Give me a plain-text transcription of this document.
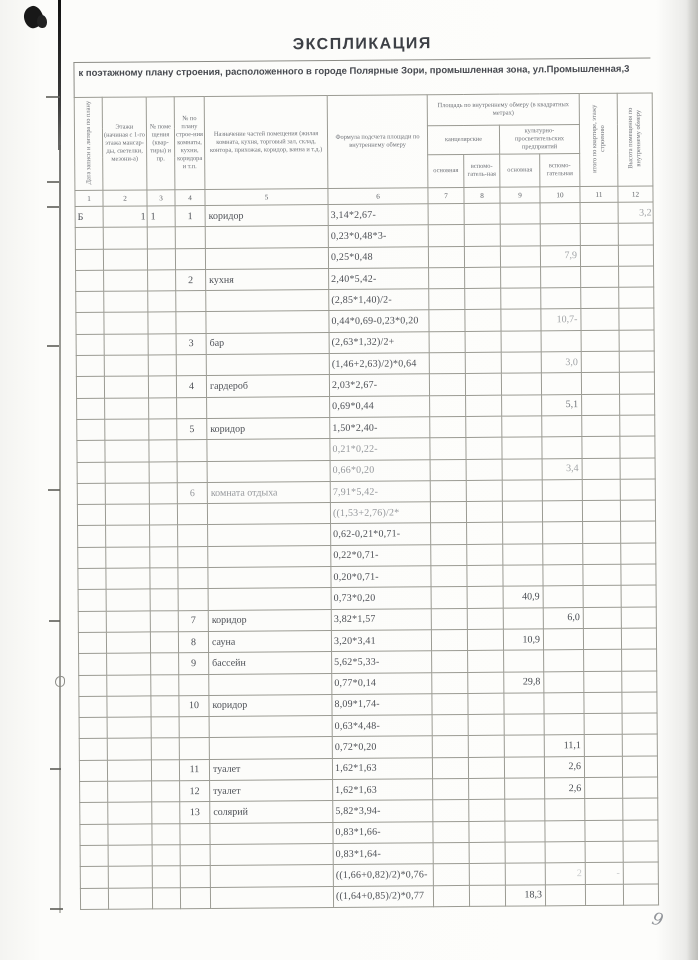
9
ЭКСПЛИКАЦИЯ
к поэтажному плану строения, расположенного в городе Полярные Зори, промышленная зона, ул.Промышленная,3
Дата записи и литера по плану	Этажи (начиная с 1-го этажа мансар-ды, светелки, мезони-а)	№ поме щения (квар- тиры) и пр.	№ по плану строе-ния комнаты, кухни, коридора и т.п.	Назначение частей помещения (жилая комната, кухня, торговый зал, склад, контора, прихожая, коридор, ванна и т.д.)	Формула подсчета площади по внутреннему обмеру	Площадь по внутреннему обмеру (в квадратных метрах)				итого по квартире, этажу строению	Высота помещения по внутреннему обмеру
						канцелярские		культурно-просветительских предприятий			
						основная	вспомо-гатель-ная	основная	вспомо-гательная		
1	2	3	4	5	6	7	8	9	10	11	12
Б	1	1	1	коридор	3,14*2,67-						3,2
					0,23*0,48*3-						
					0,25*0,48				7,9		
			2	кухня	2,40*5,42-						
					(2,85*1,40)/2-						
					0,44*0,69-0,23*0,20				10,7-		
			3	бар	(2,63*1,32)/2+						
					(1,46+2,63)/2)*0,64				3,0		
			4	гардероб	2,03*2,67-						
					0,69*0,44				5,1		
			5	коридор	1,50*2,40-						
					0,21*0,22-						
					0,66*0,20				3,4		
			6	комната отдыха	7,91*5,42-						
					((1,53+2,76)/2*						
					0,62-0,21*0,71-						
					0,22*0,71-						
					0,20*0,71-						
					0,73*0,20			40,9			
			7	коридор	3,82*1,57				6,0		
			8	сауна	3,20*3,41			10,9			
			9	бассейн	5,62*5,33-						
					0,77*0,14			29,8			
			10	коридор	8,09*1,74-						
					0,63*4,48-						
					0,72*0,20				11,1		
			11	туалет	1,62*1,63				2,6		
			12	туалет	1,62*1,63				2,6		
			13	солярий	5,82*3,94-						
					0,83*1,66-						
					0,83*1,64-						
					((1,66+0,82)/2)*0,76-				2	-	
					((1,64+0,85)/2)*0,77			18,3			
